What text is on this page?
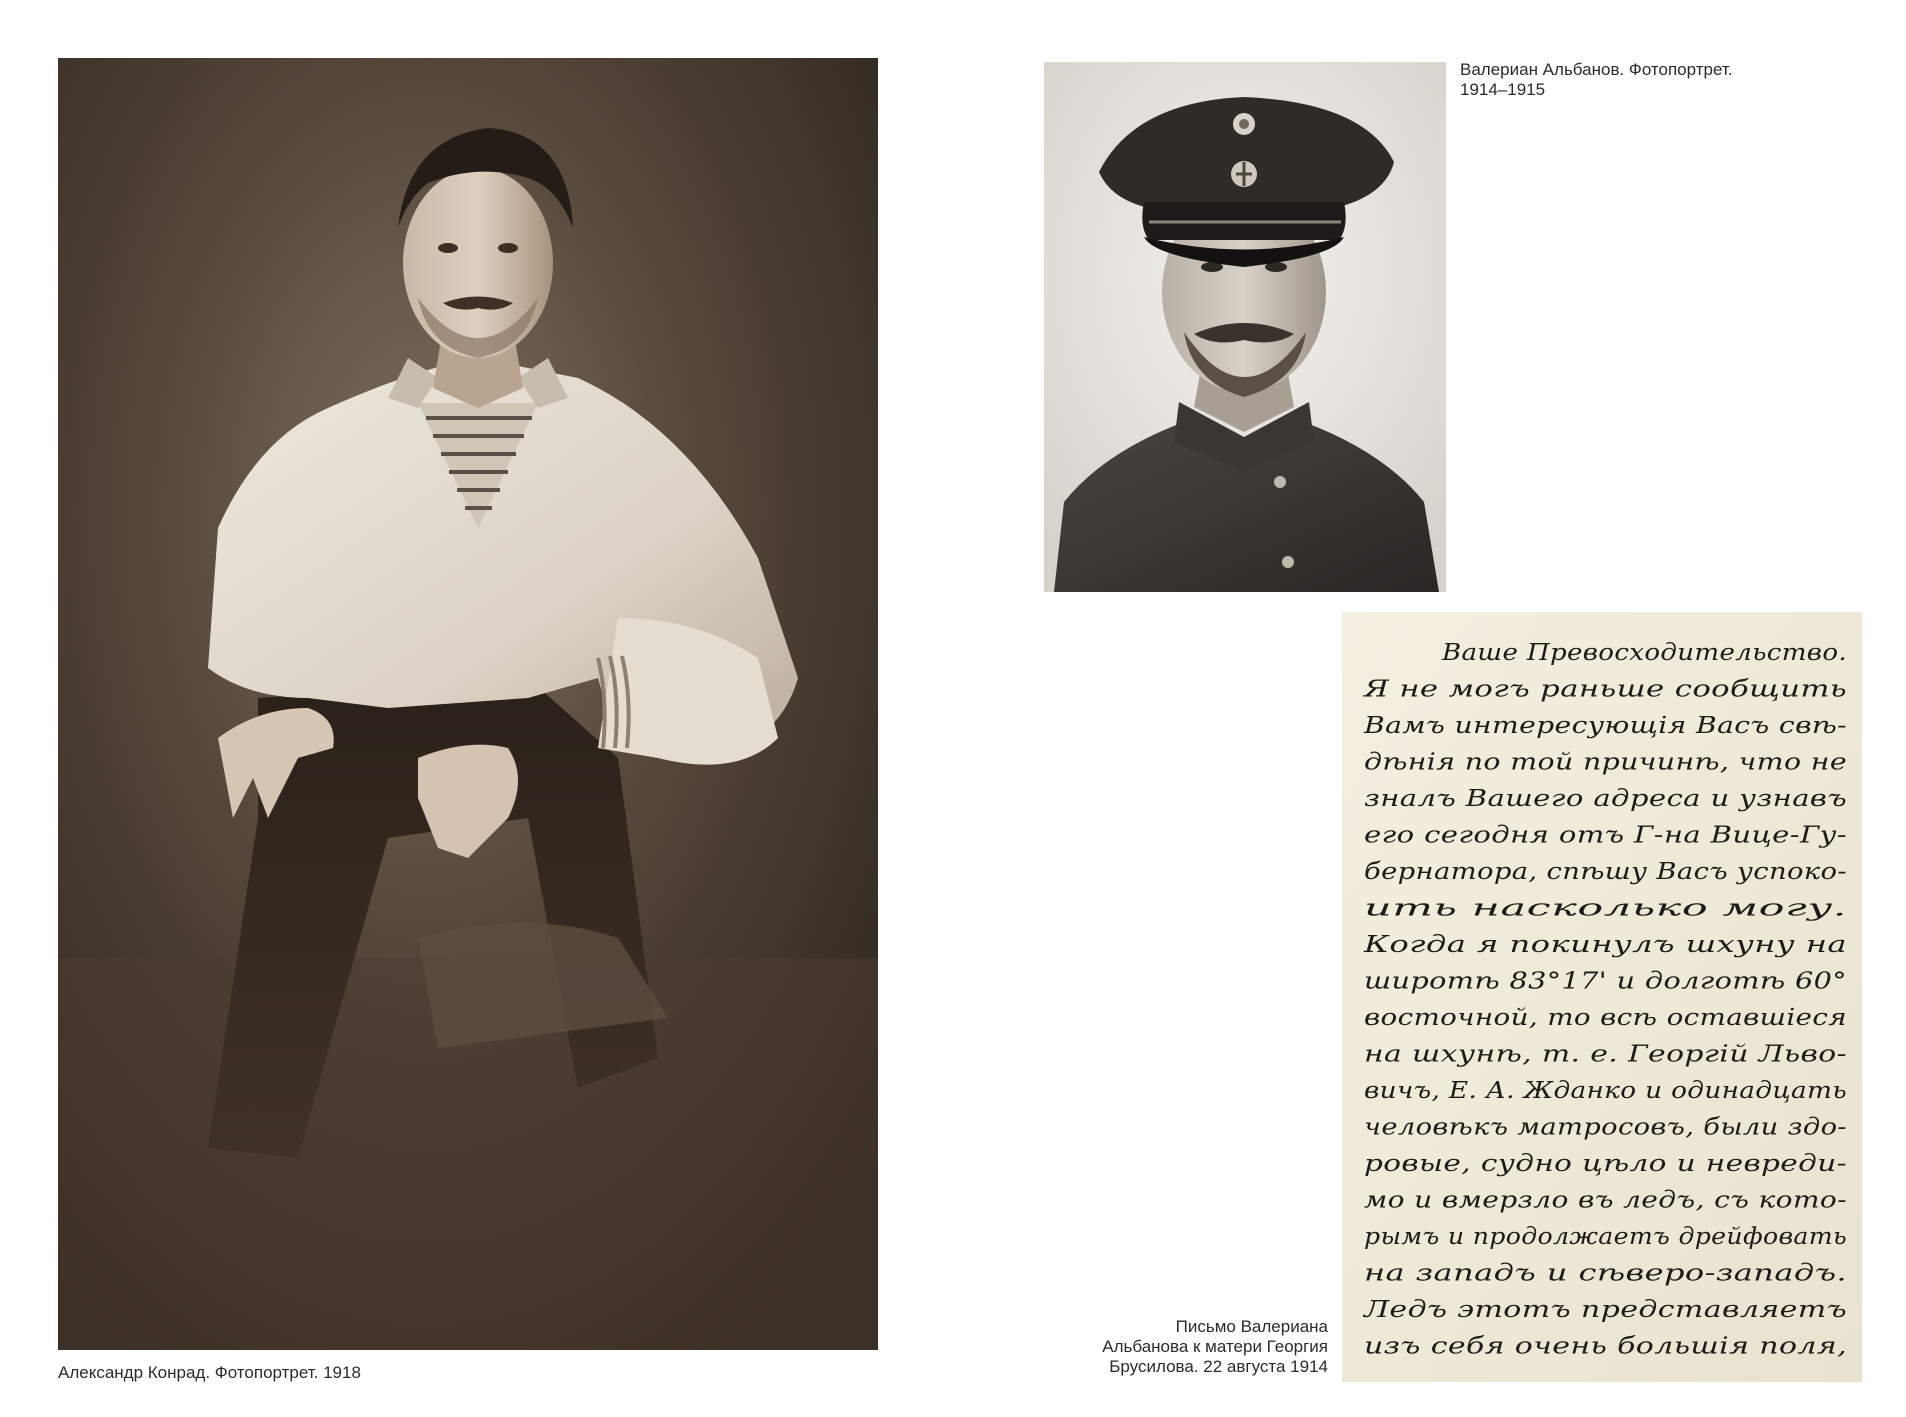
Александр Конрад. Фотопортрет. 1918

Валериан Альбанов. Фотопортрет.
1914–1915

Ваше Превосходительство.
Я не могъ раньше сообщить
Вамъ интересующія Васъ свѣ-
дѣнія по той причинѣ, что не
зналъ Вашего адреса и узнавъ
его сегодня отъ Г-на Вице-Гу-
бернатора, спѣшу Васъ успоко-
ить насколько могу.
Когда я покинулъ шхуну на
широтѣ 83°17' и долготѣ 60°
восточной, то всѣ оставшіеся
на шхунѣ, т. е. Георгій Льво-
вичъ, Е. А. Жданко и одинадцать
человѣкъ матросовъ, были здо-
ровые, судно цѣло и невреди-
мо и вмерзло въ ледъ, съ кото-
рымъ и продолжаетъ дрейфовать
на западъ и сѣверо-западъ.
Ледъ этотъ представляетъ
изъ себя очень большія поля,

Письмо Валериана
Альбанова к матери Георгия
Брусилова. 22 августа 1914
